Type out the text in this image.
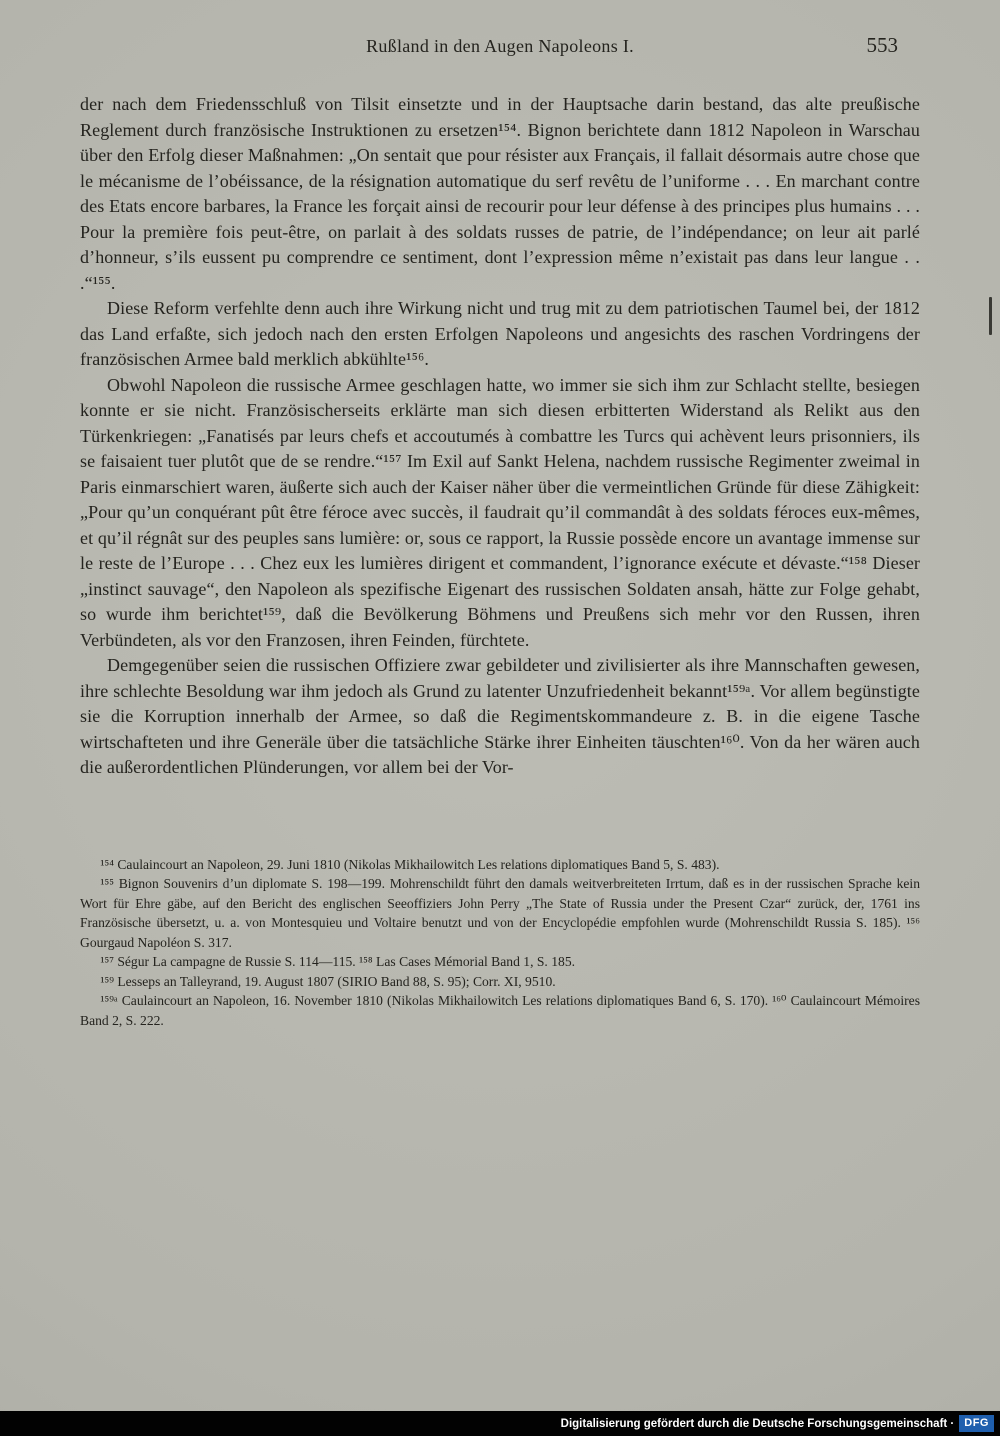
Rußland in den Augen Napoleons I.	553

der nach dem Friedensschluß von Tilsit einsetzte und in der Hauptsache darin bestand, das alte preußische Reglement durch französische Instruktionen zu ersetzen¹⁵⁴. Bignon berichtete dann 1812 Napoleon in Warschau über den Erfolg dieser Maßnahmen: „On sentait que pour résister aux Français, il fallait désormais autre chose que le mécanisme de l’obéissance, de la résignation automatique du serf revêtu de l’uniforme . . . En marchant contre des Etats encore barbares, la France les forçait ainsi de recourir pour leur défense à des principes plus humains . . . Pour la première fois peut-être, on parlait à des soldats russes de patrie, de l’indépendance; on leur ait parlé d’honneur, s’ils eussent pu comprendre ce sentiment, dont l’expression même n’existait pas dans leur langue . . .“¹⁵⁵.

Diese Reform verfehlte denn auch ihre Wirkung nicht und trug mit zu dem patriotischen Taumel bei, der 1812 das Land erfaßte, sich jedoch nach den ersten Erfolgen Napoleons und angesichts des raschen Vordringens der französischen Armee bald merklich abkühlte¹⁵⁶.

Obwohl Napoleon die russische Armee geschlagen hatte, wo immer sie sich ihm zur Schlacht stellte, besiegen konnte er sie nicht. Französischerseits erklärte man sich diesen erbitterten Widerstand als Relikt aus den Türkenkriegen: „Fanatisés par leurs chefs et accoutumés à combattre les Turcs qui achèvent leurs prisonniers, ils se faisaient tuer plutôt que de se rendre.“¹⁵⁷ Im Exil auf Sankt Helena, nachdem russische Regimenter zweimal in Paris einmarschiert waren, äußerte sich auch der Kaiser näher über die vermeintlichen Gründe für diese Zähigkeit: „Pour qu’un conquérant pût être féroce avec succès, il faudrait qu’il commandât à des soldats féroces eux-mêmes, et qu’il régnât sur des peuples sans lumière: or, sous ce rapport, la Russie possède encore un avantage immense sur le reste de l’Europe . . . Chez eux les lumières dirigent et commandent, l’ignorance exécute et dévaste.“¹⁵⁸ Dieser „instinct sauvage“, den Napoleon als spezifische Eigenart des russischen Soldaten ansah, hätte zur Folge gehabt, so wurde ihm berichtet¹⁵⁹, daß die Bevölkerung Böhmens und Preußens sich mehr vor den Russen, ihren Verbündeten, als vor den Franzosen, ihren Feinden, fürchtete.

Demgegenüber seien die russischen Offiziere zwar gebildeter und zivilisierter als ihre Mannschaften gewesen, ihre schlechte Besoldung war ihm jedoch als Grund zu latenter Unzufriedenheit bekannt¹⁵⁹ᵃ. Vor allem begünstigte sie die Korruption innerhalb der Armee, so daß die Regimentskommandeure z. B. in die eigene Tasche wirtschafteten und ihre Generäle über die tatsächliche Stärke ihrer Einheiten täuschten¹⁶⁰. Von da her wären auch die außerordentlichen Plünderungen, vor allem bei der Vor-

¹⁵⁴ Caulaincourt an Napoleon, 29. Juni 1810 (Nikolas Mikhailowitch Les relations diplomatiques Band 5, S. 483).

¹⁵⁵ Bignon Souvenirs d’un diplomate S. 198—199. Mohrenschildt führt den damals weitverbreiteten Irrtum, daß es in der russischen Sprache kein Wort für Ehre gäbe, auf den Bericht des englischen Seeoffiziers John Perry „The State of Russia under the Present Czar“ zurück, der, 1761 ins Französische übersetzt, u. a. von Montesquieu und Voltaire benutzt und von der Encyclopédie empfohlen wurde (Mohrenschildt Russia S. 185). ¹⁵⁶ Gourgaud Napoléon S. 317.

¹⁵⁷ Ségur La campagne de Russie S. 114—115. ¹⁵⁸ Las Cases Mémorial Band 1, S. 185.

¹⁵⁹ Lesseps an Talleyrand, 19. August 1807 (SIRIO Band 88, S. 95); Corr. XI, 9510.

¹⁵⁹ᵃ Caulaincourt an Napoleon, 16. November 1810 (Nikolas Mikhailowitch Les relations diplomatiques Band 6, S. 170). ¹⁶⁰ Caulaincourt Mémoires Band 2, S. 222.

Digitalisierung gefördert durch die Deutsche Forschungsgemeinschaft · DFG
